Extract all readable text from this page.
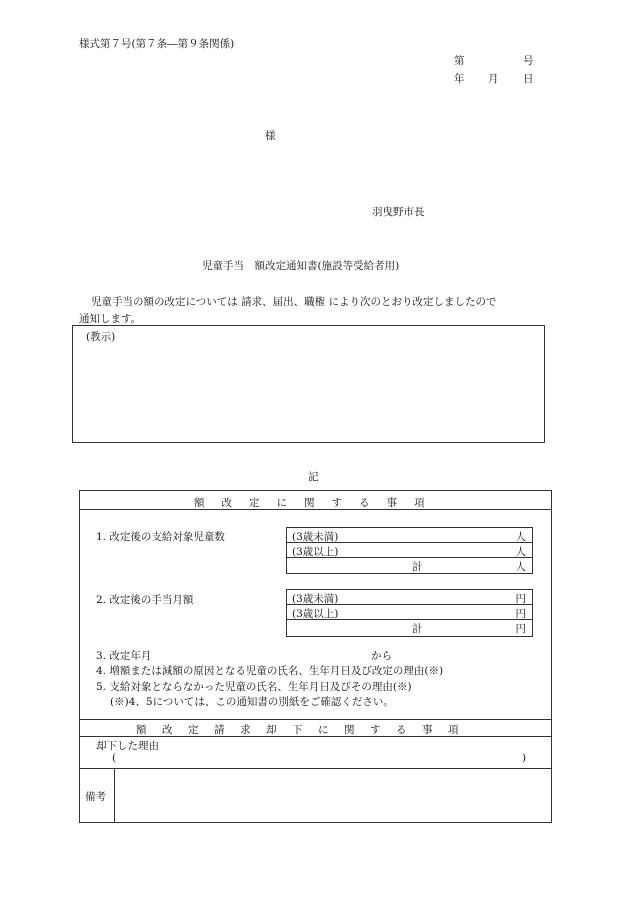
様式第７号(第７条―第９条関係)
第	号
年 月 日
様
羽曳野市長
児童手当　額改定通知書(施設等受給者用)
児童手当の額の改定については 請求、届出、職権 により次のとおり改定しましたので
通知します。
(教示)
記
額改定に関する事項
1. 改定後の支給対象児童数	(3歳未満)	人
(3歳以上)	人
計	人
2. 改定後の手当月額	(3歳未満)	円
(3歳以上)	円
計	円
3. 改定年月	から
4. 増額または減額の原因となる児童の氏名、生年月日及び改定の理由(※)
5. 支給対象とならなかった児童の氏名、生年月日及びその理由(※)
(※)4、5については、この通知書の別紙をご確認ください。
額改定請求却下に関する事項
却下した理由
(	)
備考
